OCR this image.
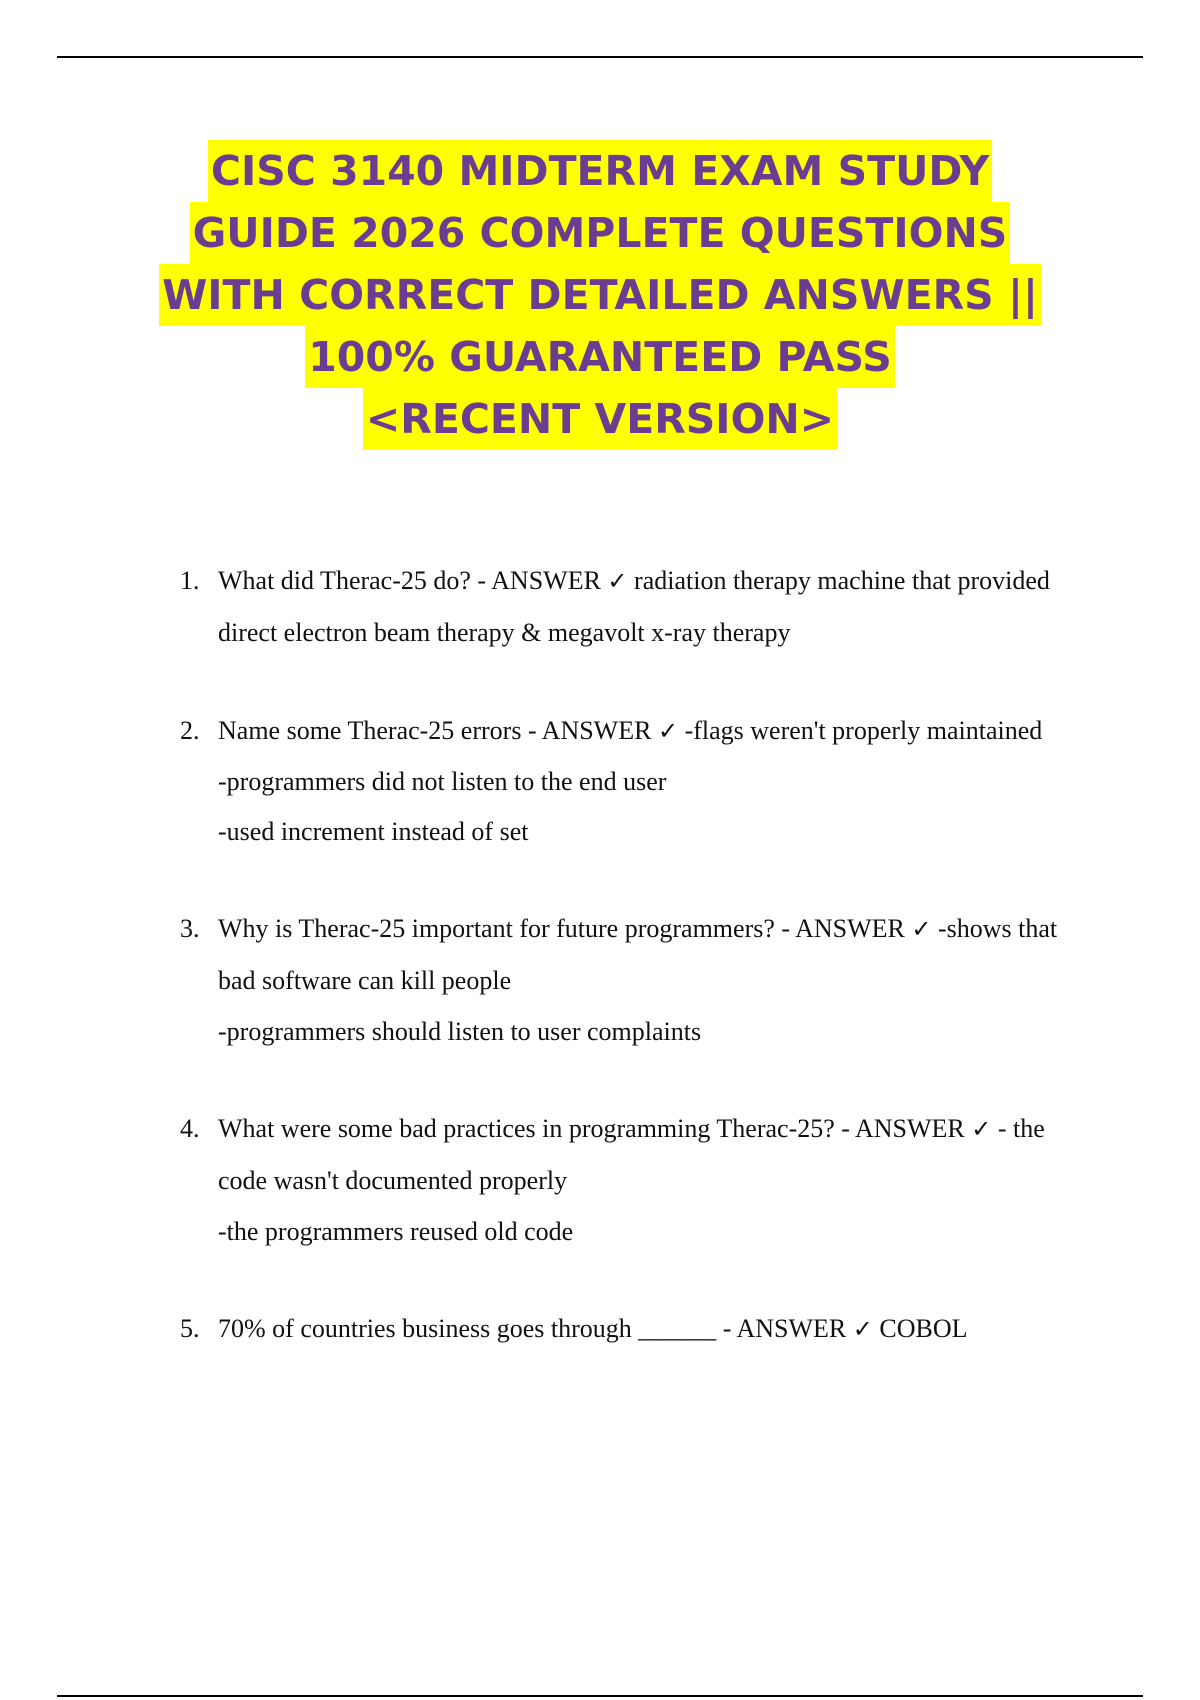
CISC 3140 MIDTERM EXAM STUDY
GUIDE 2026 COMPLETE QUESTIONS
WITH CORRECT DETAILED ANSWERS ||
100% GUARANTEED PASS
<RECENT VERSION>
1. What did Therac-25 do? - ANSWER ✓ radiation therapy machine that provided direct electron beam therapy & megavolt x-ray therapy
2. Name some Therac-25 errors - ANSWER ✓ -flags weren't properly maintained
-programmers did not listen to the end user
-used increment instead of set
3. Why is Therac-25 important for future programmers? - ANSWER ✓ -shows that bad software can kill people
-programmers should listen to user complaints
4. What were some bad practices in programming Therac-25? - ANSWER ✓ - the code wasn't documented properly
-the programmers reused old code
5. 70% of countries business goes through ______ - ANSWER ✓ COBOL
